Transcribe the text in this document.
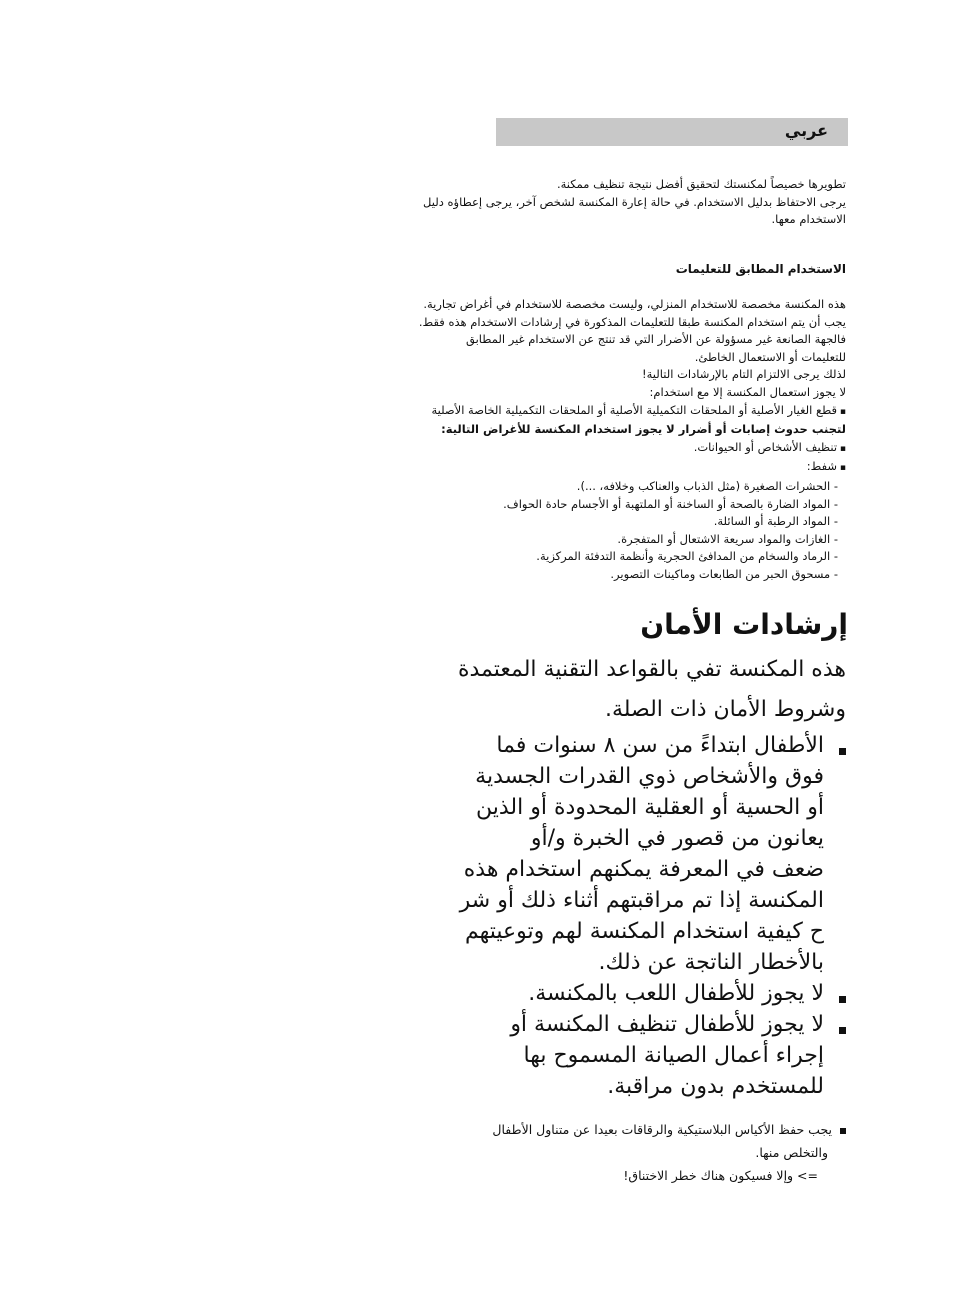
عربي

تطويرها خصيصاً لمكنستك لتحقيق أفضل نتيجة تنظيف ممكنة.

يرجى الاحتفاظ بدليل الاستخدام. في حالة إعارة المكنسة لشخص آخر، يرجى إعطاؤه دليل

الاستخدام معها.

الاستخدام المطابق للتعليمات

هذه المكنسة مخصصة للاستخدام المنزلي، وليست مخصصة للاستخدام في أغراض تجارية.

يجب أن يتم استخدام المكنسة طبقا للتعليمات المذكورة في إرشادات الاستخدام هذه فقط.

فالجهة الصانعة غير مسؤولة عن الأضرار التي قد تنتج عن الاستخدام غير المطابق

للتعليمات أو الاستعمال الخاطئ.

لذلك يرجى الالتزام التام بالإرشادات التالية!

لا يجوز استعمال المكنسة إلا مع استخدام:

▪ قطع الغيار الأصلية أو الملحقات التكميلية الأصلية أو الملحقات التكميلية الخاصة الأصلية

لتجنب حدوث إصابات أو أضرار لا يجوز استخدام المكنسة للأغراض التالية:

▪ تنظيف الأشخاص أو الحيوانات.

▪ شفط:

- الحشرات الصغيرة (مثل الذباب والعناكب وخلافه، ...).

- المواد الضارة بالصحة أو الساخنة أو الملتهبة أو الأجسام حادة الحواف.

- المواد الرطبة أو السائلة.

- الغازات والمواد سريعة الاشتعال أو المتفجرة.

- الرماد والسخام من المدافئ الحجرية وأنظمة التدفئة المركزية.

- مسحوق الحبر من الطابعات وماكينات التصوير.

إرشادات الأمان

هذه المكنسة تفي بالقواعد التقنية المعتمدة

وشروط الأمان ذات الصلة.

الأطفال ابتداءً من سن ٨ سنوات فما

فوق والأشخاص ذوي القدرات الجسدية

أو الحسية أو العقلية المحدودة أو الذين

يعانون من قصور في الخبرة و/أو

ضعف في المعرفة يمكنهم استخدام هذه

المكنسة إذا تم مراقبتهم أثناء ذلك أو شر

ح كيفية استخدام المكنسة لهم وتوعيتهم

بالأخطار الناتجة عن ذلك.

لا يجوز للأطفال اللعب بالمكنسة.

لا يجوز للأطفال تنظيف المكنسة أو

إجراء أعمال الصيانة المسموح بها

للمستخدم بدون مراقبة.

يجب حفظ الأكياس البلاستيكية والرقاقات بعيدا عن متناول الأطفال

والتخلص منها.

=> وإلا فسيكون هناك خطر الاختناق!
